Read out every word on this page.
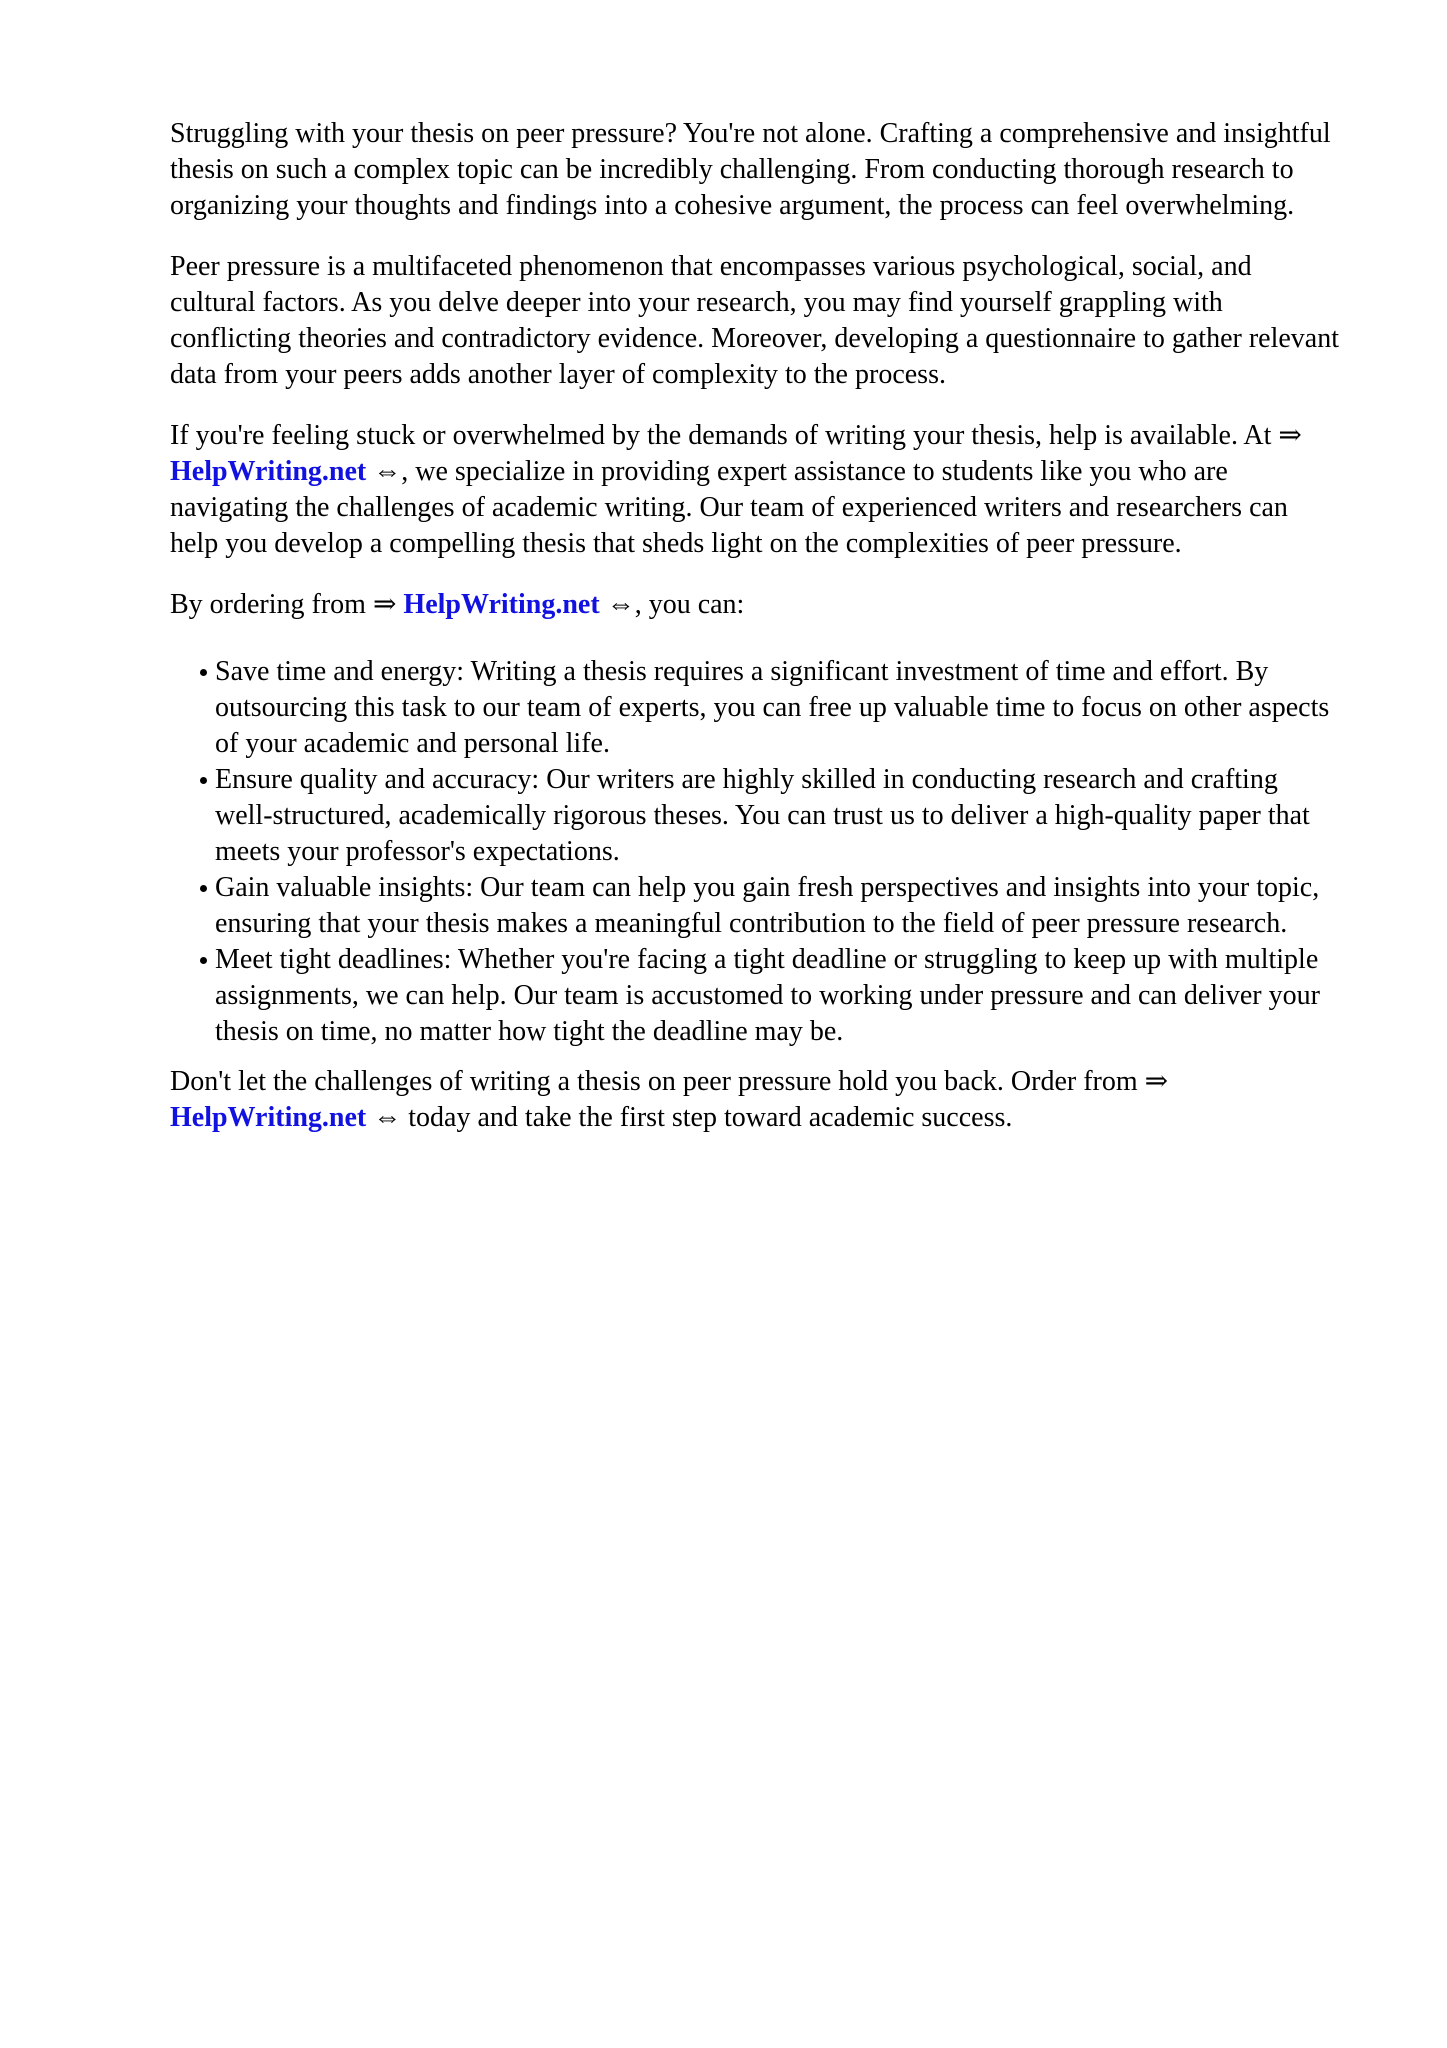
Struggling with your thesis on peer pressure? You're not alone. Crafting a comprehensive and insightful thesis on such a complex topic can be incredibly challenging. From conducting thorough research to organizing your thoughts and findings into a cohesive argument, the process can feel overwhelming.

Peer pressure is a multifaceted phenomenon that encompasses various psychological, social, and cultural factors. As you delve deeper into your research, you may find yourself grappling with conflicting theories and contradictory evidence. Moreover, developing a questionnaire to gather relevant data from your peers adds another layer of complexity to the process.

If you're feeling stuck or overwhelmed by the demands of writing your thesis, help is available. At ⇒ HelpWriting.net ⇔, we specialize in providing expert assistance to students like you who are navigating the challenges of academic writing. Our team of experienced writers and researchers can help you develop a compelling thesis that sheds light on the complexities of peer pressure.

By ordering from ⇒ HelpWriting.net ⇔, you can:

Save time and energy: Writing a thesis requires a significant investment of time and effort. By outsourcing this task to our team of experts, you can free up valuable time to focus on other aspects of your academic and personal life.
Ensure quality and accuracy: Our writers are highly skilled in conducting research and crafting well-structured, academically rigorous theses. You can trust us to deliver a high-quality paper that meets your professor's expectations.
Gain valuable insights: Our team can help you gain fresh perspectives and insights into your topic, ensuring that your thesis makes a meaningful contribution to the field of peer pressure research.
Meet tight deadlines: Whether you're facing a tight deadline or struggling to keep up with multiple assignments, we can help. Our team is accustomed to working under pressure and can deliver your thesis on time, no matter how tight the deadline may be.

Don't let the challenges of writing a thesis on peer pressure hold you back. Order from ⇒ HelpWriting.net ⇔ today and take the first step toward academic success.
